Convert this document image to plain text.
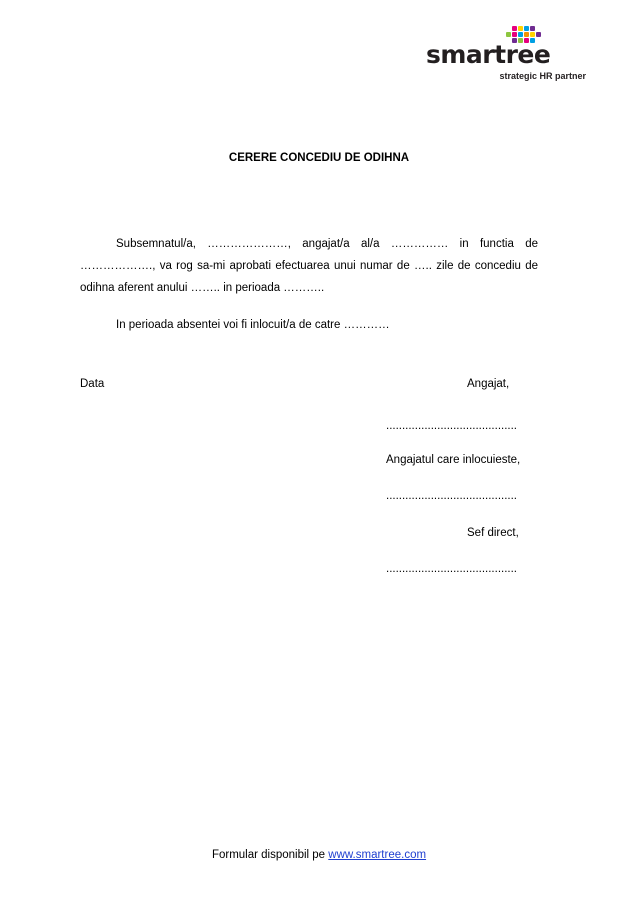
smartree
strategic HR partner
CERERE CONCEDIU DE ODIHNA
Subsemnatul/a, …………………, angajat/a al/a …………… in functia de ………………., va rog sa-mi aprobati efectuarea unui numar de ….. zile de concediu de odihna aferent anului …….. in perioada ………..
In perioada absentei voi fi inlocuit/a de catre …………
Data	Angajat,
.........................................
Angajatul care inlocuieste,
.........................................
Sef direct,
.........................................
Formular disponibil pe www.smartree.com
